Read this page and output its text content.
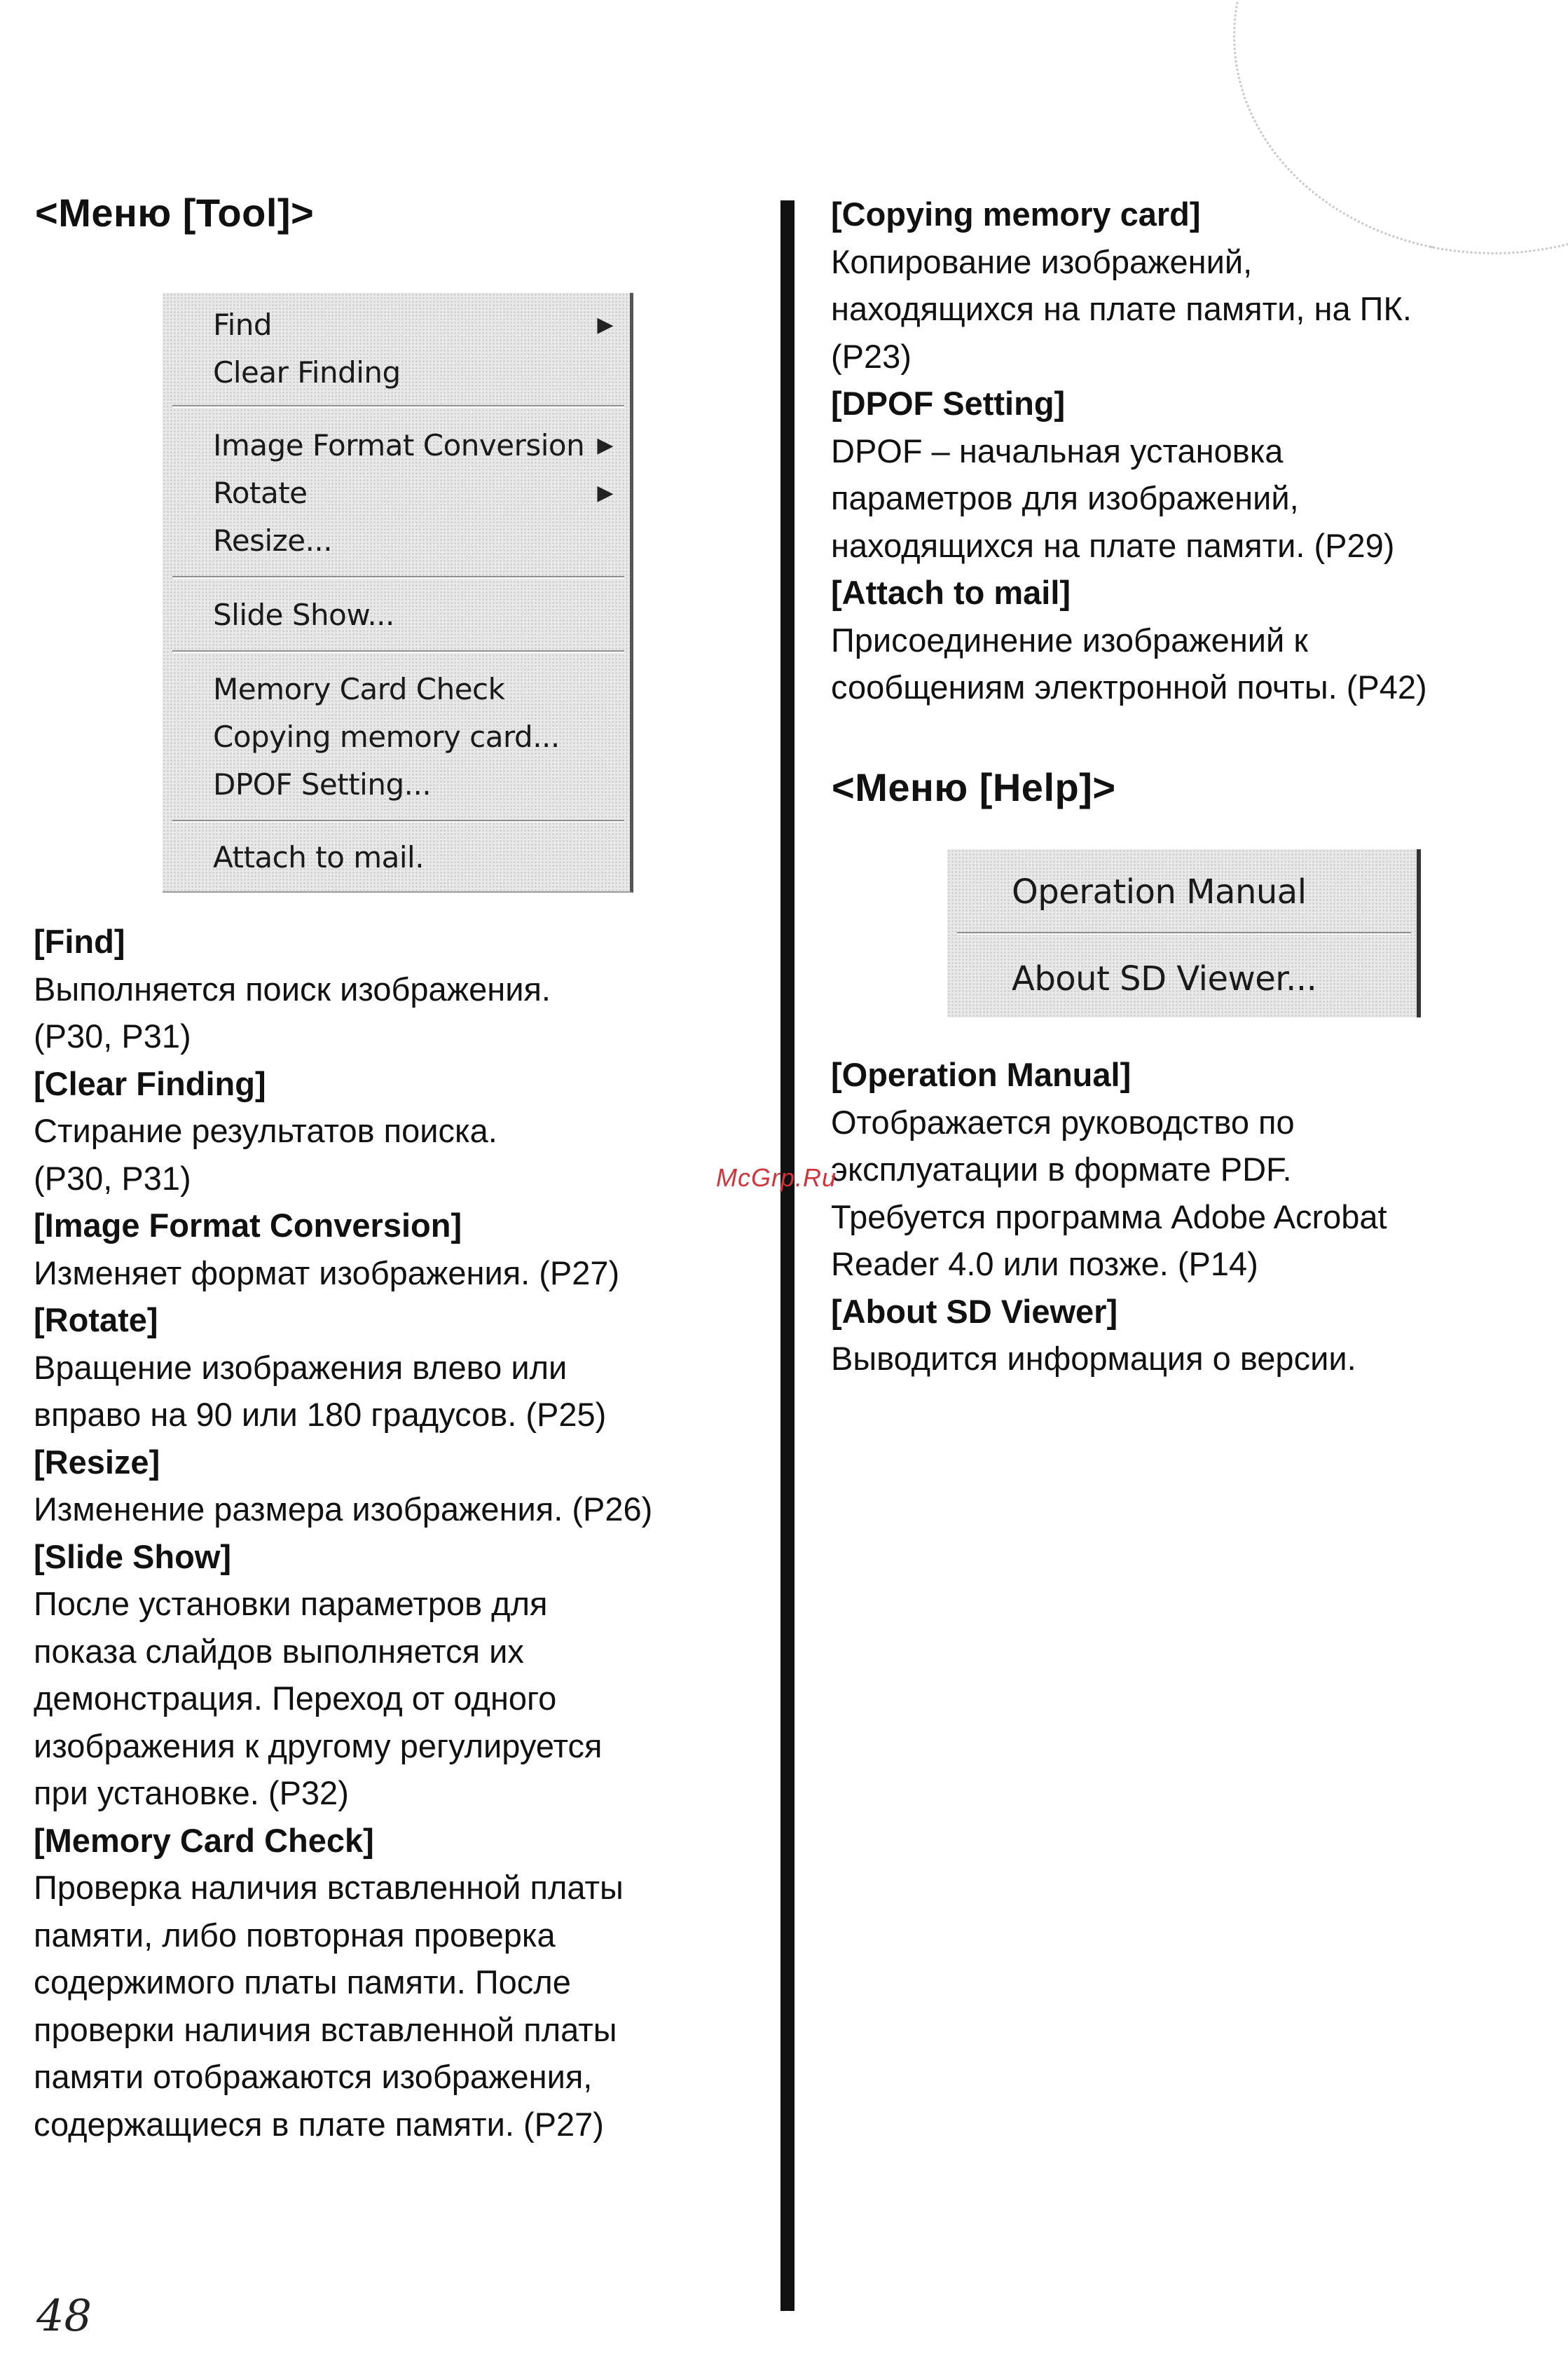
<Меню [Tool]>
Find	▶
Clear Finding
Image Format Conversion ▶
Rotate	▶
Resize...
Slide Show...
Memory Card Check
Copying memory card...
DPOF Setting...
Attach to mail.
[Find]
Выполняется поиск изображения.
(P30, P31)
[Clear Finding]
Стирание результатов поиска.
(P30, P31)
[Image Format Conversion]
Изменяет формат изображения. (P27)
[Rotate]
Вращение изображения влево или
вправо на 90 или 180 градусов. (P25)
[Resize]
Изменение размера изображения. (P26)
[Slide Show]
После установки параметров для
показа слайдов выполняется их
демонстрация. Переход от одного
изображения к другому регулируется
при установке. (P32)
[Memory Card Check]
Проверка наличия вставленной платы
памяти, либо повторная проверка
содержимого платы памяти. После
проверки наличия вставленной платы
памяти отображаются изображения,
содержащиеся в плате памяти. (P27)
[Copying memory card]
Копирование изображений,
находящихся на плате памяти, на ПК.
(P23)
[DPOF Setting]
DPOF – начальная установка
параметров для изображений,
находящихся на плате памяти. (P29)
[Attach to mail]
Присоединение изображений к
сообщениям электронной почты. (P42)
<Меню [Help]>
Operation Manual
About SD Viewer...
[Operation Manual]
Отображается руководство по
эксплуатации в формате PDF.
Требуется программа Adobe Acrobat
Reader 4.0 или позже. (P14)
[About SD Viewer]
Выводится информация о версии.
McGrp.Ru
48
